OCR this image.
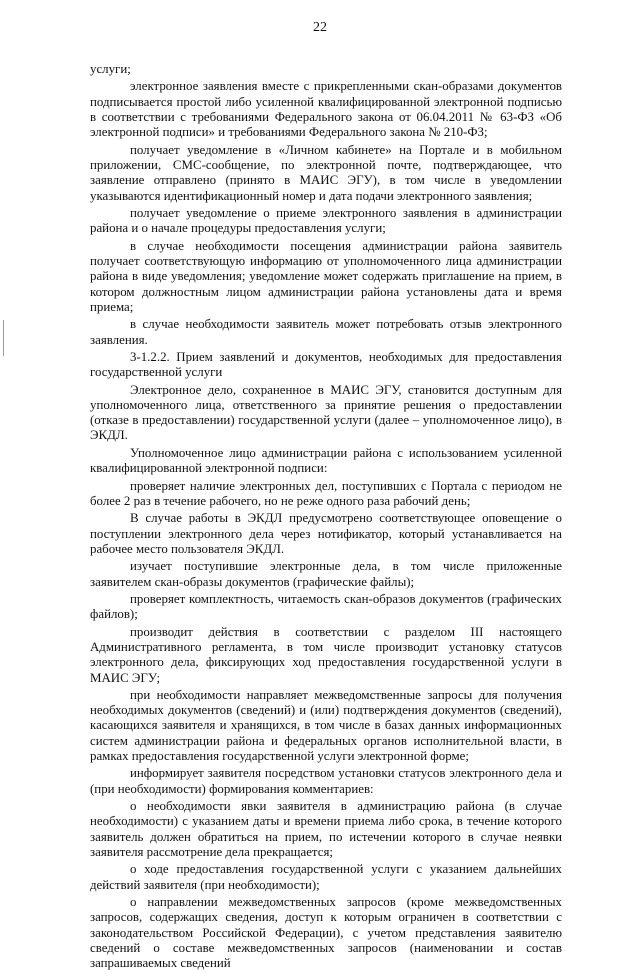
22

услуги;

электронное заявления вместе с прикрепленными скан-образами документов подписывается простой либо усиленной квалифицированной электронной подписью в соответствии с требованиями Федерального закона от 06.04.2011 № 63-ФЗ «Об электронной подписи» и требованиями Федерального закона № 210-ФЗ;

получает уведомление в «Личном кабинете» на Портале и в мобильном приложении, СМС-сообщение, по электронной почте, подтверждающее, что заявление отправлено (принято в МАИС ЭГУ), в том числе в уведомлении указываются идентификационный номер и дата подачи электронного заявления;

получает уведомление о приеме электронного заявления в администрации района и о начале процедуры предоставления услуги;

в случае необходимости посещения администрации района заявитель получает соответствующую информацию от уполномоченного лица администрации района в виде уведомления; уведомление может содержать приглашение на прием, в котором должностным лицом администрации района установлены дата и время приема;

в случае необходимости заявитель может потребовать отзыв электронного заявления.

3-1.2.2. Прием заявлений и документов, необходимых для предоставления государственной услуги

Электронное дело, сохраненное в МАИС ЭГУ, становится доступным для уполномоченного лица, ответственного за принятие решения о предоставлении (отказе в предоставлении) государственной услуги (далее – уполномоченное лицо), в ЭКДЛ.

Уполномоченное лицо администрации района с использованием усиленной квалифицированной электронной подписи:

проверяет наличие электронных дел, поступивших с Портала с периодом не более 2 раз в течение рабочего, но не реже одного раза рабочий день;

В случае работы в ЭКДЛ предусмотрено соответствующее оповещение о поступлении электронного дела через нотификатор, который устанавливается на рабочее место пользователя ЭКДЛ.

изучает поступившие электронные дела, в том числе приложенные заявителем скан-образы документов (графические файлы);

проверяет комплектность, читаемость скан-образов документов (графических файлов);

производит действия в соответствии с разделом III настоящего Административного регламента, в том числе производит установку статусов электронного дела, фиксирующих ход предоставления государственной услуги в МАИС ЭГУ;

при необходимости направляет межведомственные запросы для получения необходимых документов (сведений) и (или) подтверждения документов (сведений), касающихся заявителя и хранящихся, в том числе в базах данных информационных систем администрации района и федеральных органов исполнительной власти, в рамках предоставления государственной услуги электронной форме;

информирует заявителя посредством установки статусов электронного дела и (при необходимости) формирования комментариев:

о необходимости явки заявителя в администрацию района (в случае необходимости) с указанием даты и времени приема либо срока, в течение которого заявитель должен обратиться на прием, по истечении которого в случае неявки заявителя рассмотрение дела прекращается;

о ходе предоставления государственной услуги с указанием дальнейших действий заявителя (при необходимости);

о направлении межведомственных запросов (кроме межведомственных запросов, содержащих сведения, доступ к которым ограничен в соответствии с законодательством Российской Федерации), с учетом представления заявителю сведений о составе межведомственных запросов (наименовании и состав запрашиваемых сведений
